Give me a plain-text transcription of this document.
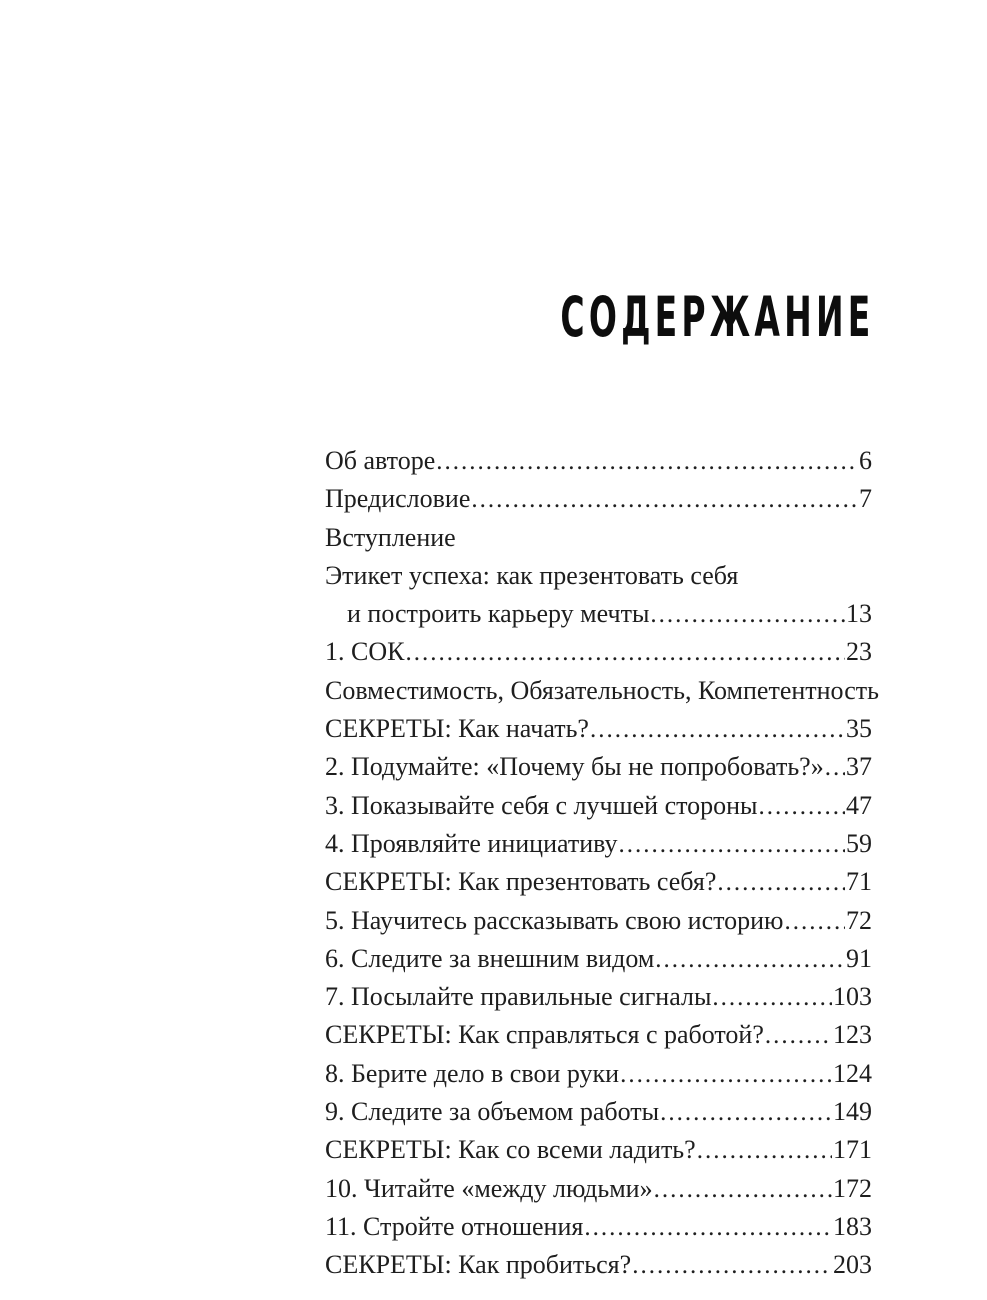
СОДЕРЖАНИЕ
Об авторе .....	6
Предисловие .....	7
Вступление
Этикет успеха: как презентовать себя
и построить карьеру мечты .....	13
1. СОК .....	23
Совместимость, Обязательность, Компетентность
СЕКРЕТЫ: Как начать? .....	35
2. Подумайте: «Почему бы не попробовать?» ..... 37
3. Показывайте себя с лучшей стороны .....	47
4. Проявляйте инициативу .....	59
СЕКРЕТЫ: Как презентовать себя? .....	71
5. Научитесь рассказывать свою историю ..... 72
6. Следите за внешним видом .....	91
7. Посылайте правильные сигналы .....	103
СЕКРЕТЫ: Как справляться с работой? .....	123
8. Берите дело в свои руки .....	124
9. Следите за объемом работы .....	149
СЕКРЕТЫ: Как со всеми ладить? .....	171
10. Читайте «между людьми» .....	172
11. Стройте отношения .....	183
СЕКРЕТЫ: Как пробиться? .....	203
